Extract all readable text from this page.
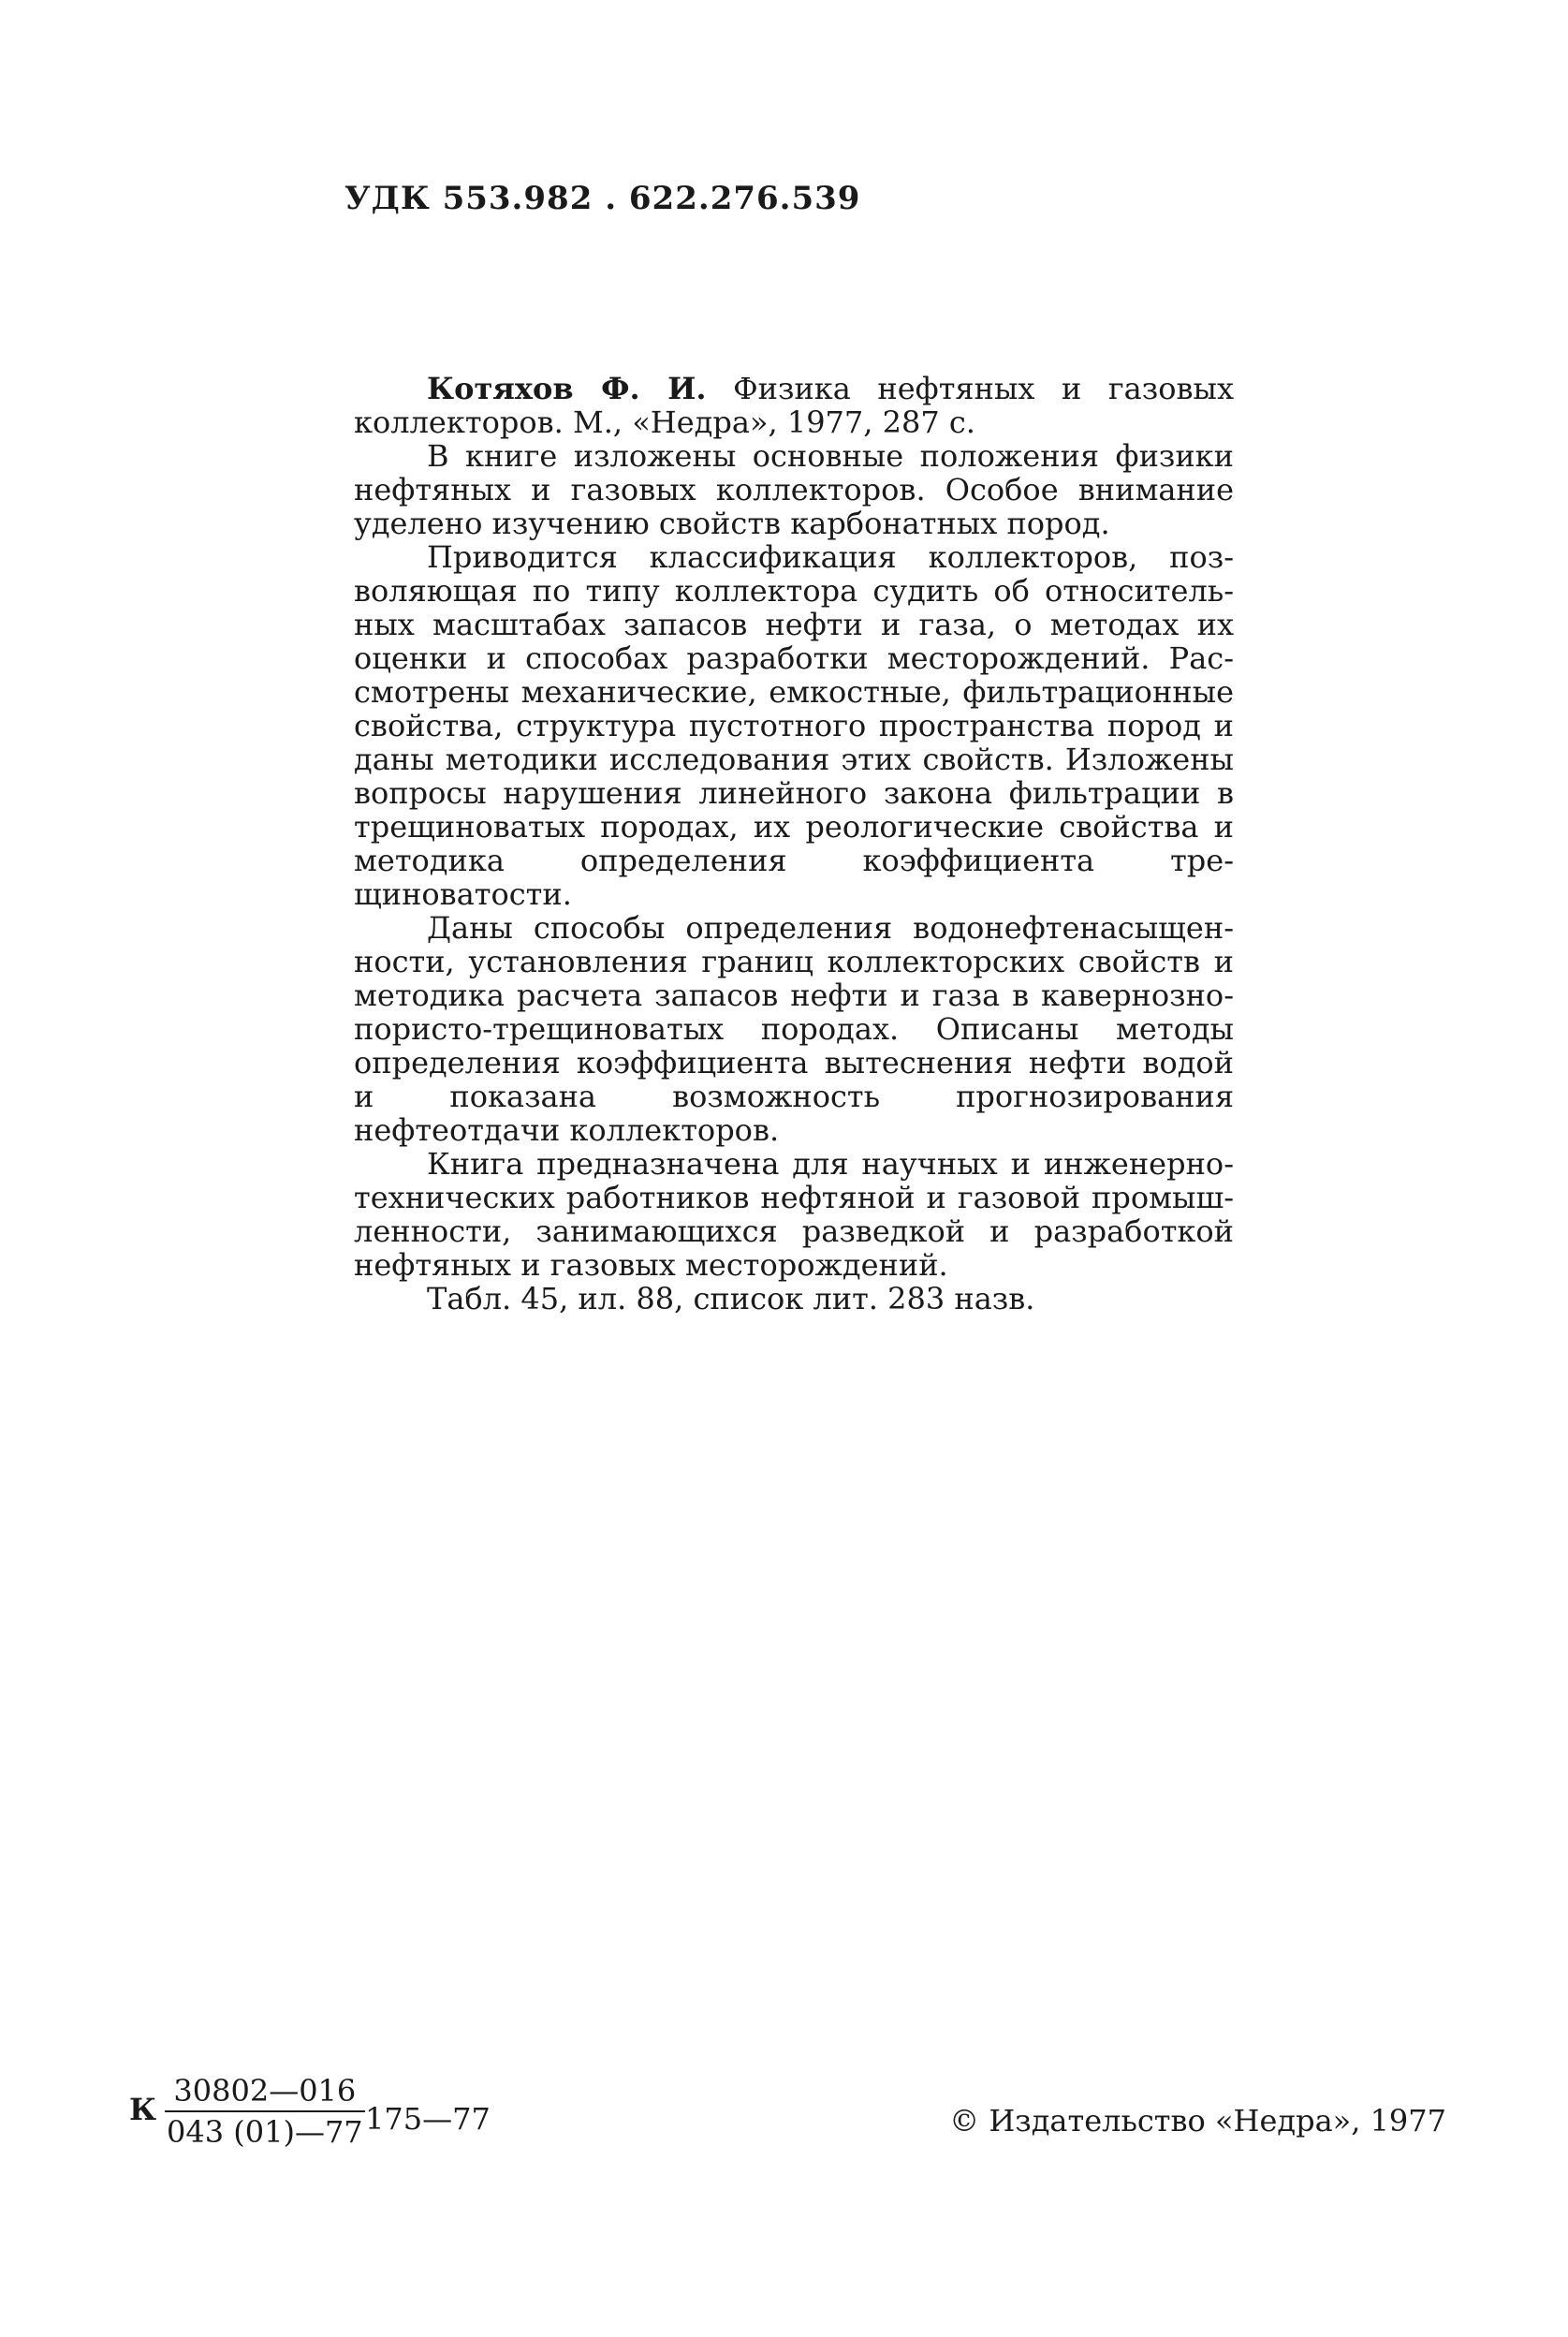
УДК 553.982 . 622.276.539

Котяхов Ф. И. Физика нефтяных и газовых коллекторов. М., «Недра», 1977, 287 с.

В книге изложены основные положения физики нефтяных и газовых коллекторов. Особое внимание уделено изучению свойств карбонатных пород.

Приводится классификация коллекторов, позволяющая по типу коллектора судить об относительных масштабах запасов нефти и газа, о методах их оценки и способах разработки месторождений. Рассмотрены механические, емкостные, фильтрационные свойства, структура пустотного пространства пород и даны методики исследования этих свойств. Изложены вопросы нарушения линейного закона фильтрации в трещиноватых породах, их реологические свойства и методика определения коэффициента трещиноватости.

Даны способы определения водонефтенасыщенности, установления границ коллекторских свойств и методика расчета запасов нефти и газа в кавернозно-пористо-трещиноватых породах. Описаны методы определения коэффициента вытеснения нефти водой и показана возможность прогнозирования нефтеотдачи коллекторов.

Книга предназначена для научных и инженерно-технических работников нефтяной и газовой промышленности, занимающихся разведкой и разработкой нефтяных и газовых месторождений.

Табл. 45, ил. 88, список лит. 283 назв.

К $\frac{30802—016}{043 (01)—77}$ 175—77	© Издательство «Недра», 1977
